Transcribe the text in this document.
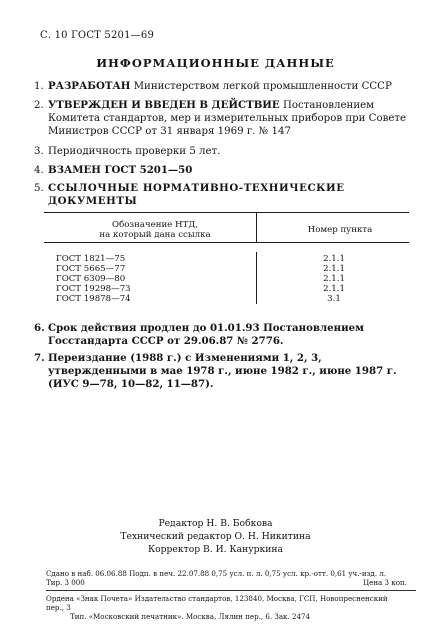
С. 10 ГОСТ 5201—69
ИНФОРМАЦИОННЫЕ ДАННЫЕ
1. РАЗРАБОТАН Министерством легкой промышленности СССР
2. УТВЕРЖДЕН И ВВЕДЕН В ДЕЙСТВИЕ Постановлением Комитета стандартов, мер и измерительных приборов при Совете Министров СССР от 31 января 1969 г. № 147
3. Периодичность проверки 5 лет.
4. ВЗАМЕН ГОСТ 5201—50
5. ССЫЛОЧНЫЕ НОРМАТИВНО-ТЕХНИЧЕСКИЕ ДОКУМЕНТЫ
Обозначение НТД,
на который дана ссылка	Номер пункта
ГОСТ 1821—75
ГОСТ 5665—77
ГОСТ 6309—80
ГОСТ 19298—73
ГОСТ 19878—74
2.1.1
2.1.1
2.1.1
2.1.1
3.1
6. Срок действия продлен до 01.01.93 Постановлением Госстандарта СССР от 29.06.87 № 2776.
7. Переиздание (1988 г.) с Изменениями 1, 2, 3, утвержденными в мае 1978 г., июне 1982 г., июне 1987 г. (ИУС 9—78, 10—82, 11—87).
Редактор Н. В. Бобкова
Технический редактор О. Н. Никитина
Корректор В. И. Кануркина
Сдано в наб. 06.06.88 Подп. в печ. 22.07.88 0,75 усл. п. л. 0,75 усл. кр.-отт. 0,61 уч.-изд. л.
Тир. 3 000	Цена 3 коп.
Ордена «Знак Почета» Издательство стандартов, 123840, Москва, ГСП, Новопресненский пер., 3
Тип. «Московский печатник». Москва, Лялин пер., 6. Зак. 2474
